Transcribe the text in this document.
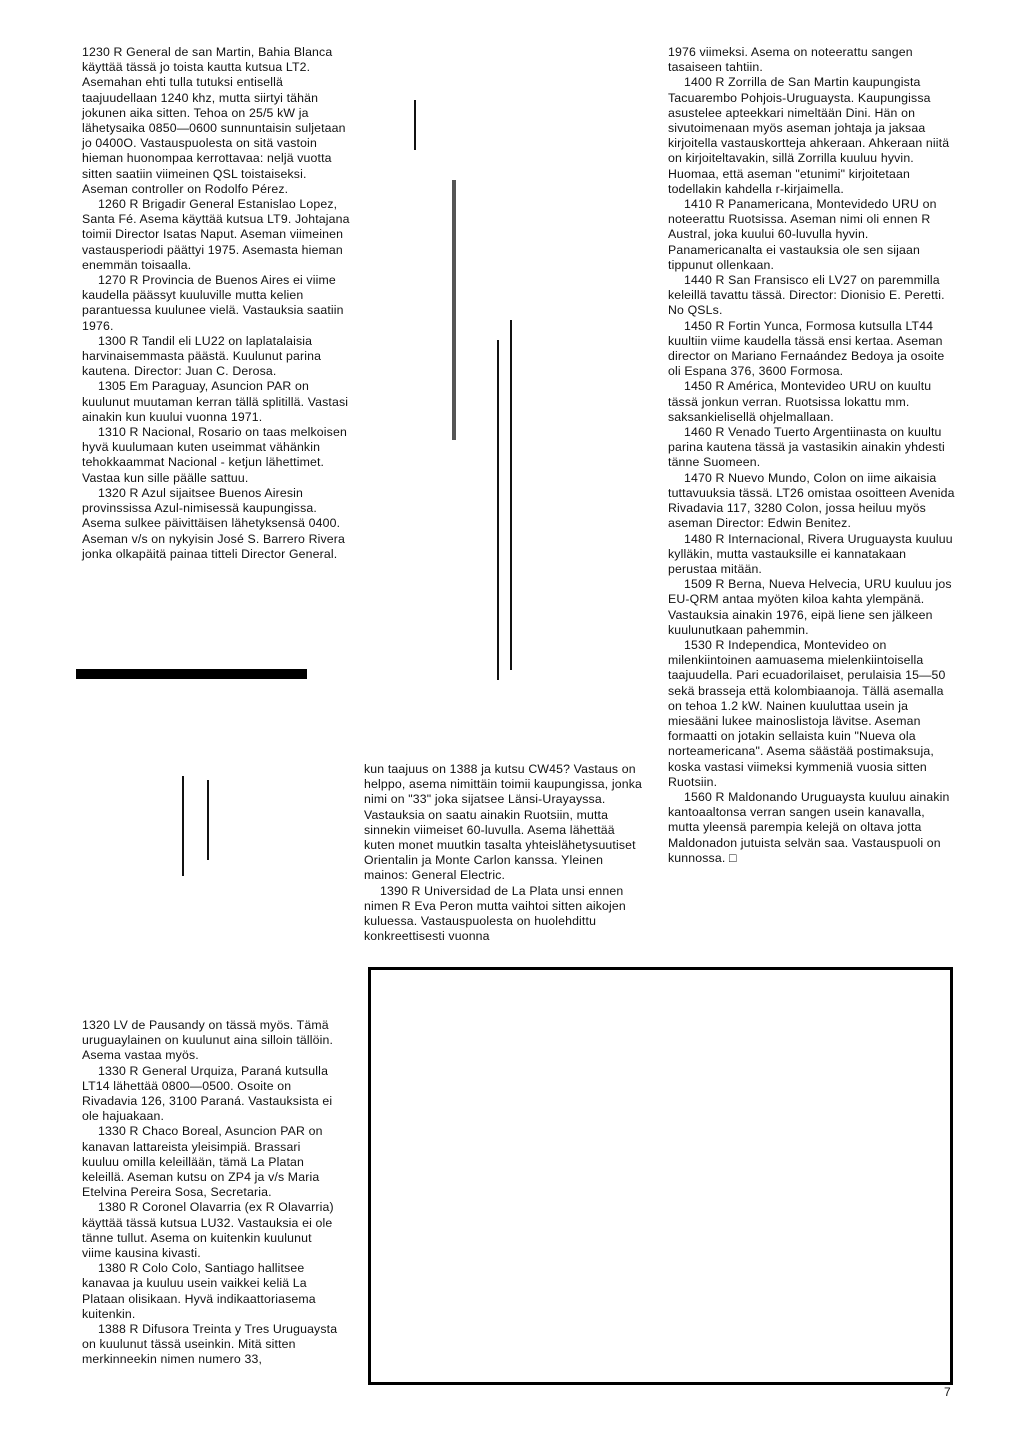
1230 R General de san Martin, Bahia Blanca käyttää tässä jo toista kautta kutsua LT2. Asemahan ehti tulla tutuksi entisellä taajuudellaan 1240 khz, mutta siirtyi tähän jokunen aika sitten. Tehoa on 25/5 kW ja lähetysaika 0850—0600 sunnuntaisin suljetaan jo 0400O. Vastauspuolesta on sitä vastoin hieman huonompaa kerrottavaa: neljä vuotta sitten saatiin viimeinen QSL toistaiseksi. Aseman controller on Rodolfo Pérez.

1260 R Brigadir General Estanislao Lopez, Santa Fé. Asema käyttää kutsua LT9. Johtajana toimii Director Isatas Naput. Aseman viimeinen vastausperiodi päättyi 1975. Asemasta hieman enemmän toisaalla.

1270 R Provincia de Buenos Aires ei viime kaudella päässyt kuuluville mutta kelien parantuessa kuulunee vielä. Vastauksia saatiin 1976.

1300 R Tandil eli LU22 on laplatalaisia harvinaisemmasta päästä. Kuulunut parina kautena. Director: Juan C. Derosa.

1305 Em Paraguay, Asuncion PAR on kuulunut muutaman kerran tällä splitillä. Vastasi ainakin kun kuului vuonna 1971.

1310 R Nacional, Rosario on taas melkoisen hyvä kuulumaan kuten useimmat vähänkin tehokkaammat Nacional - ketjun lähettimet. Vastaa kun sille päälle sattuu.

1320 R Azul sijaitsee Buenos Airesin provinssissa Azul-nimisessä kaupungissa. Asema sulkee päivittäisen lähetyksensä 0400. Aseman v/s on nykyisin José S. Barrero Rivera jonka olkapäitä painaa titteli Director General.

kun taajuus on 1388 ja kutsu CW45? Vastaus on helppo, asema nimittäin toimii kaupungissa, jonka nimi on "33" joka sijatsee Länsi-Urayayssa. Vastauksia on saatu ainakin Ruotsiin, mutta sinnekin viimeiset 60-luvulla. Asema lähettää kuten monet muutkin tasalta yhteislähetysuutiset Orientalin ja Monte Carlon kanssa. Yleinen mainos: General Electric.

1390 R Universidad de La Plata unsi ennen nimen R Eva Peron mutta vaihtoi sitten aikojen kuluessa. Vastauspuolesta on huolehdittu konkreettisesti vuonna

1976 viimeksi. Asema on noteerattu sangen tasaiseen tahtiin.

1400 R Zorrilla de San Martin kaupungista Tacuarembo Pohjois-Uruguaysta. Kaupungissa asustelee apteekkari nimeltään Dini. Hän on sivutoimenaan myös aseman johtaja ja jaksaa kirjoitella vastauskortteja ahkeraan. Ahkeraan niitä on kirjoiteltavakin, sillä Zorrilla kuuluu hyvin. Huomaa, että aseman "etunimi" kirjoitetaan todellakin kahdella r-kirjaimella.

1410 R Panamericana, Montevidedo URU on noteerattu Ruotsissa. Aseman nimi oli ennen R Austral, joka kuului 60-luvulla hyvin. Panamericanalta ei vastauksia ole sen sijaan tippunut ollenkaan.

1440 R San Fransisco eli LV27 on paremmilla keleillä tavattu tässä. Director: Dionisio E. Peretti. No QSLs.

1450 R Fortin Yunca, Formosa kutsulla LT44 kuultiin viime kaudella tässä ensi kertaa. Aseman director on Mariano Fernaández Bedoya ja osoite oli Espana 376, 3600 Formosa.

1450 R América, Montevideo URU on kuultu tässä jonkun verran. Ruotsissa lokattu mm. saksankielisellä ohjelmallaan.

1460 R Venado Tuerto Argentiinasta on kuultu parina kautena tässä ja vastasikin ainakin yhdesti tänne Suomeen.

1470 R Nuevo Mundo, Colon on iime aikaisia tuttavuuksia tässä. LT26 omistaa osoitteen Avenida Rivadavia 117, 3280 Colon, jossa heiluu myös aseman Director: Edwin Benitez.

1480 R Internacional, Rivera Uruguaysta kuuluu kylläkin, mutta vastauksille ei kannatakaan perustaa mitään.

1509 R Berna, Nueva Helvecia, URU kuuluu jos EU-QRM antaa myöten kiloa kahta ylempänä. Vastauksia ainakin 1976, eipä liene sen jälkeen kuulunutkaan pahemmin.

1530 R Independica, Montevideo on milenkiintoinen aamuasema mielenkiintoisella taajuudella. Pari ecuadorilaiset, perulaisia 15—50 sekä brasseja että kolombiaanoja. Tällä asemalla on tehoa 1.2 kW. Nainen kuuluttaa usein ja miesääni lukee mainoslistoja lävitse. Aseman formaatti on jotakin sellaista kuin "Nueva ola norteamericana". Asema säästää postimaksuja, koska vastasi viimeksi kymmeniä vuosia sitten Ruotsiin.

1560 R Maldonando Uruguaysta kuuluu ainakin kantoaaltonsa verran sangen usein kanavalla, mutta yleensä parempia kelejä on oltava jotta Maldonadon jutuista selvän saa. Vastauspuoli on kunnossa. □

1320 LV de Pausandy on tässä myös. Tämä uruguaylainen on kuulunut aina silloin tällöin. Asema vastaa myös.

1330 R General Urquiza, Paraná kutsulla LT14 lähettää 0800—0500. Osoite on Rivadavia 126, 3100 Paraná. Vastauksista ei ole hajuakaan.

1330 R Chaco Boreal, Asuncion PAR on kanavan lattareista yleisimpiä. Brassari kuuluu omilla keleillään, tämä La Platan keleillä. Aseman kutsu on ZP4 ja v/s Maria Etelvina Pereira Sosa, Secretaria.

1380 R Coronel Olavarria (ex R Olavarria) käyttää tässä kutsua LU32. Vastauksia ei ole tänne tullut. Asema on kuitenkin kuulunut viime kausina kivasti.

1380 R Colo Colo, Santiago hallitsee kanavaa ja kuuluu usein vaikkei keliä La Plataan olisikaan. Hyvä indikaattoriasema kuitenkin.

1388 R Difusora Treinta y Tres Uruguaysta on kuulunut tässä useinkin. Mitä sitten merkinneekin nimen numero 33,

7
